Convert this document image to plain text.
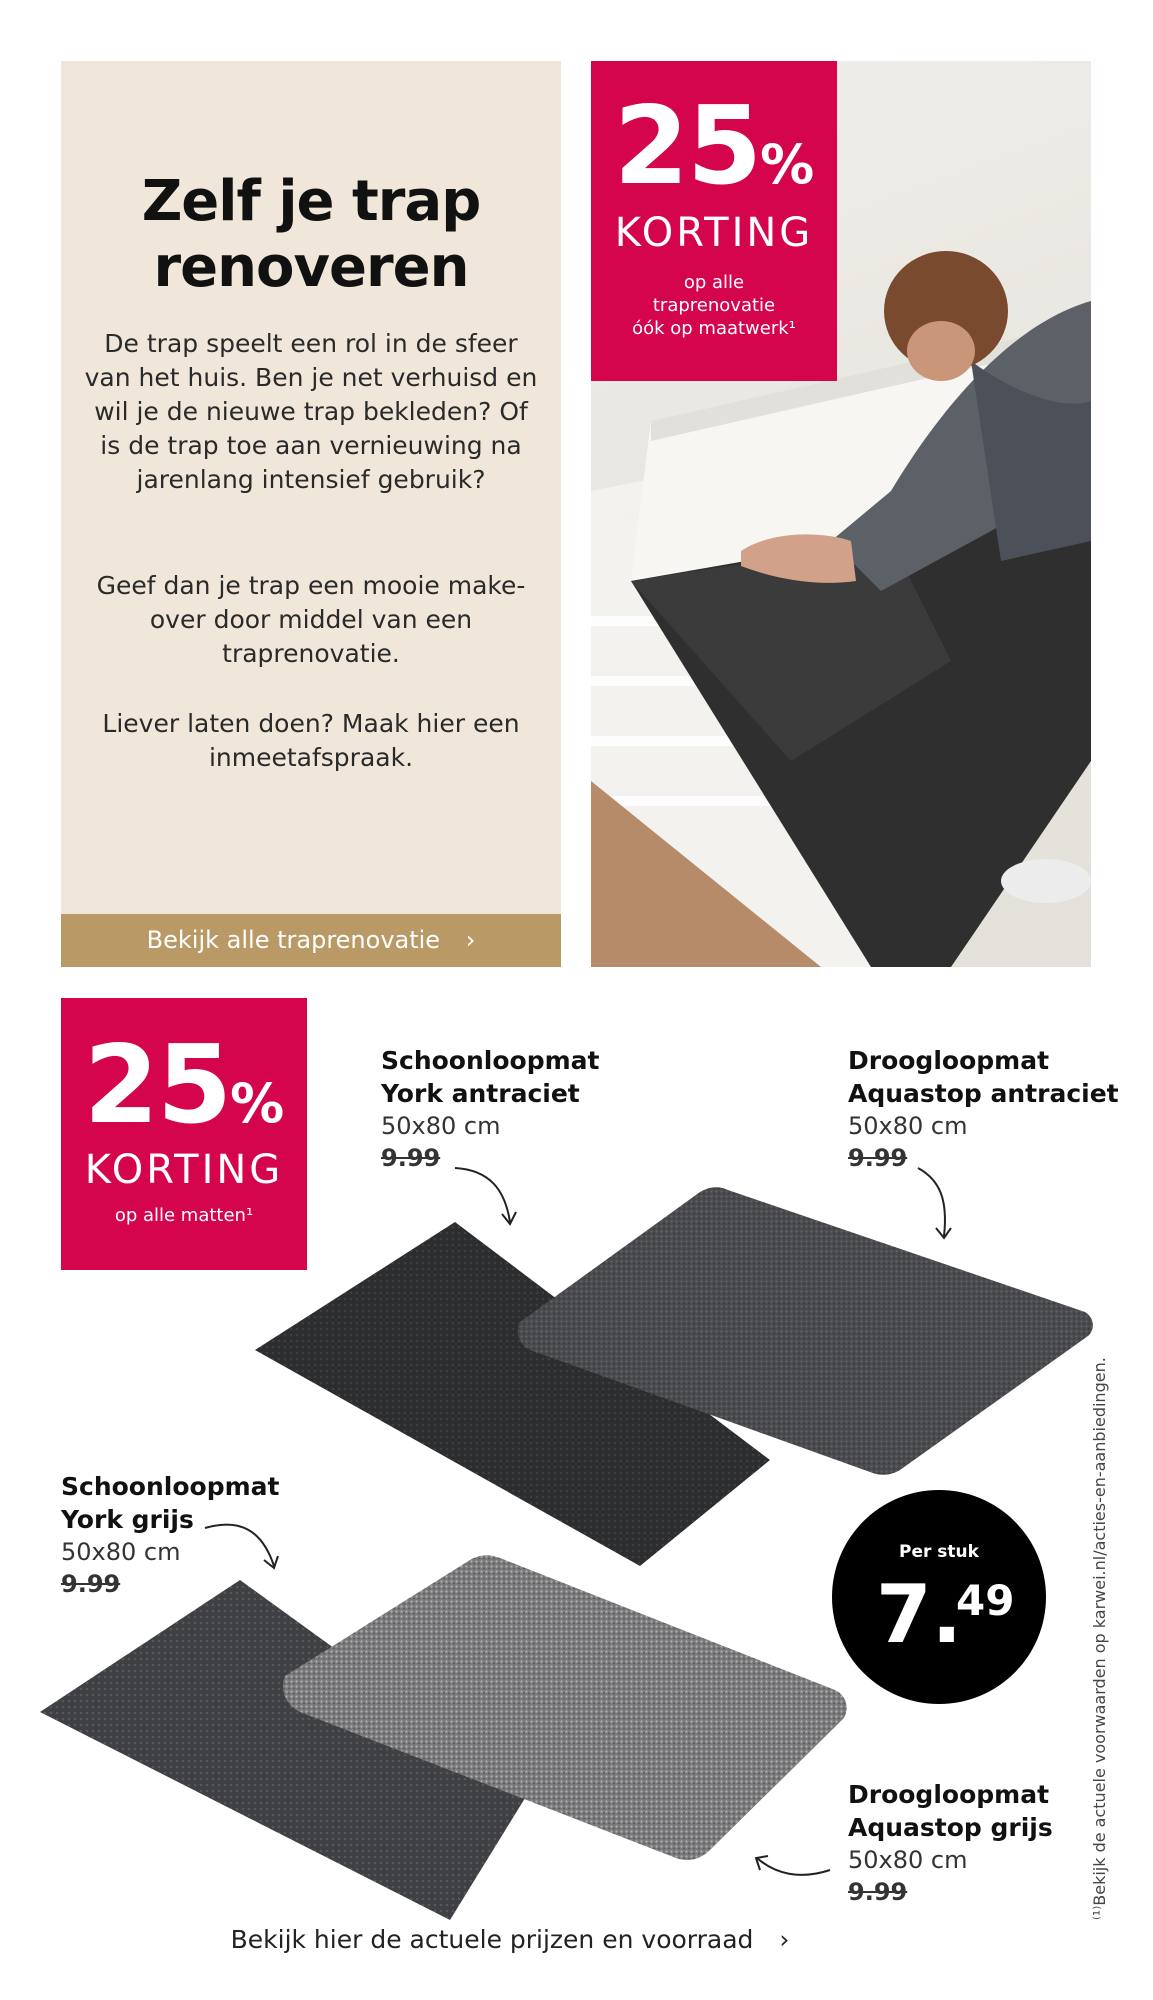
Zelf je trap
renoveren
De trap speelt een rol in de sfeer van het huis. Ben je net verhuisd en wil je de nieuwe trap bekleden? Of is de trap toe aan vernieuwing na jarenlang intensief gebruik?
Geef dan je trap een mooie make-over door middel van een traprenovatie.
Liever laten doen? Maak hier een inmeetafspraak.
Bekijk alle traprenovatie ›
25%
KORTING
op alle
traprenovatie
óók op maatwerk¹
25%
KORTING
op alle matten¹
Schoonloopmat
York antraciet
50x80 cm
9.99
Droogloopmat
Aquastop antraciet
50x80 cm
9.99
Schoonloopmat
York grijs
50x80 cm
9.99
Droogloopmat
Aquastop grijs
50x80 cm
9.99
Per stuk
7.
49	⁽¹⁾Bekijk de actuele voorwaarden op karwei.nl/acties-en-aanbiedingen.
Bekijk hier de actuele prijzen en voorraad ›
